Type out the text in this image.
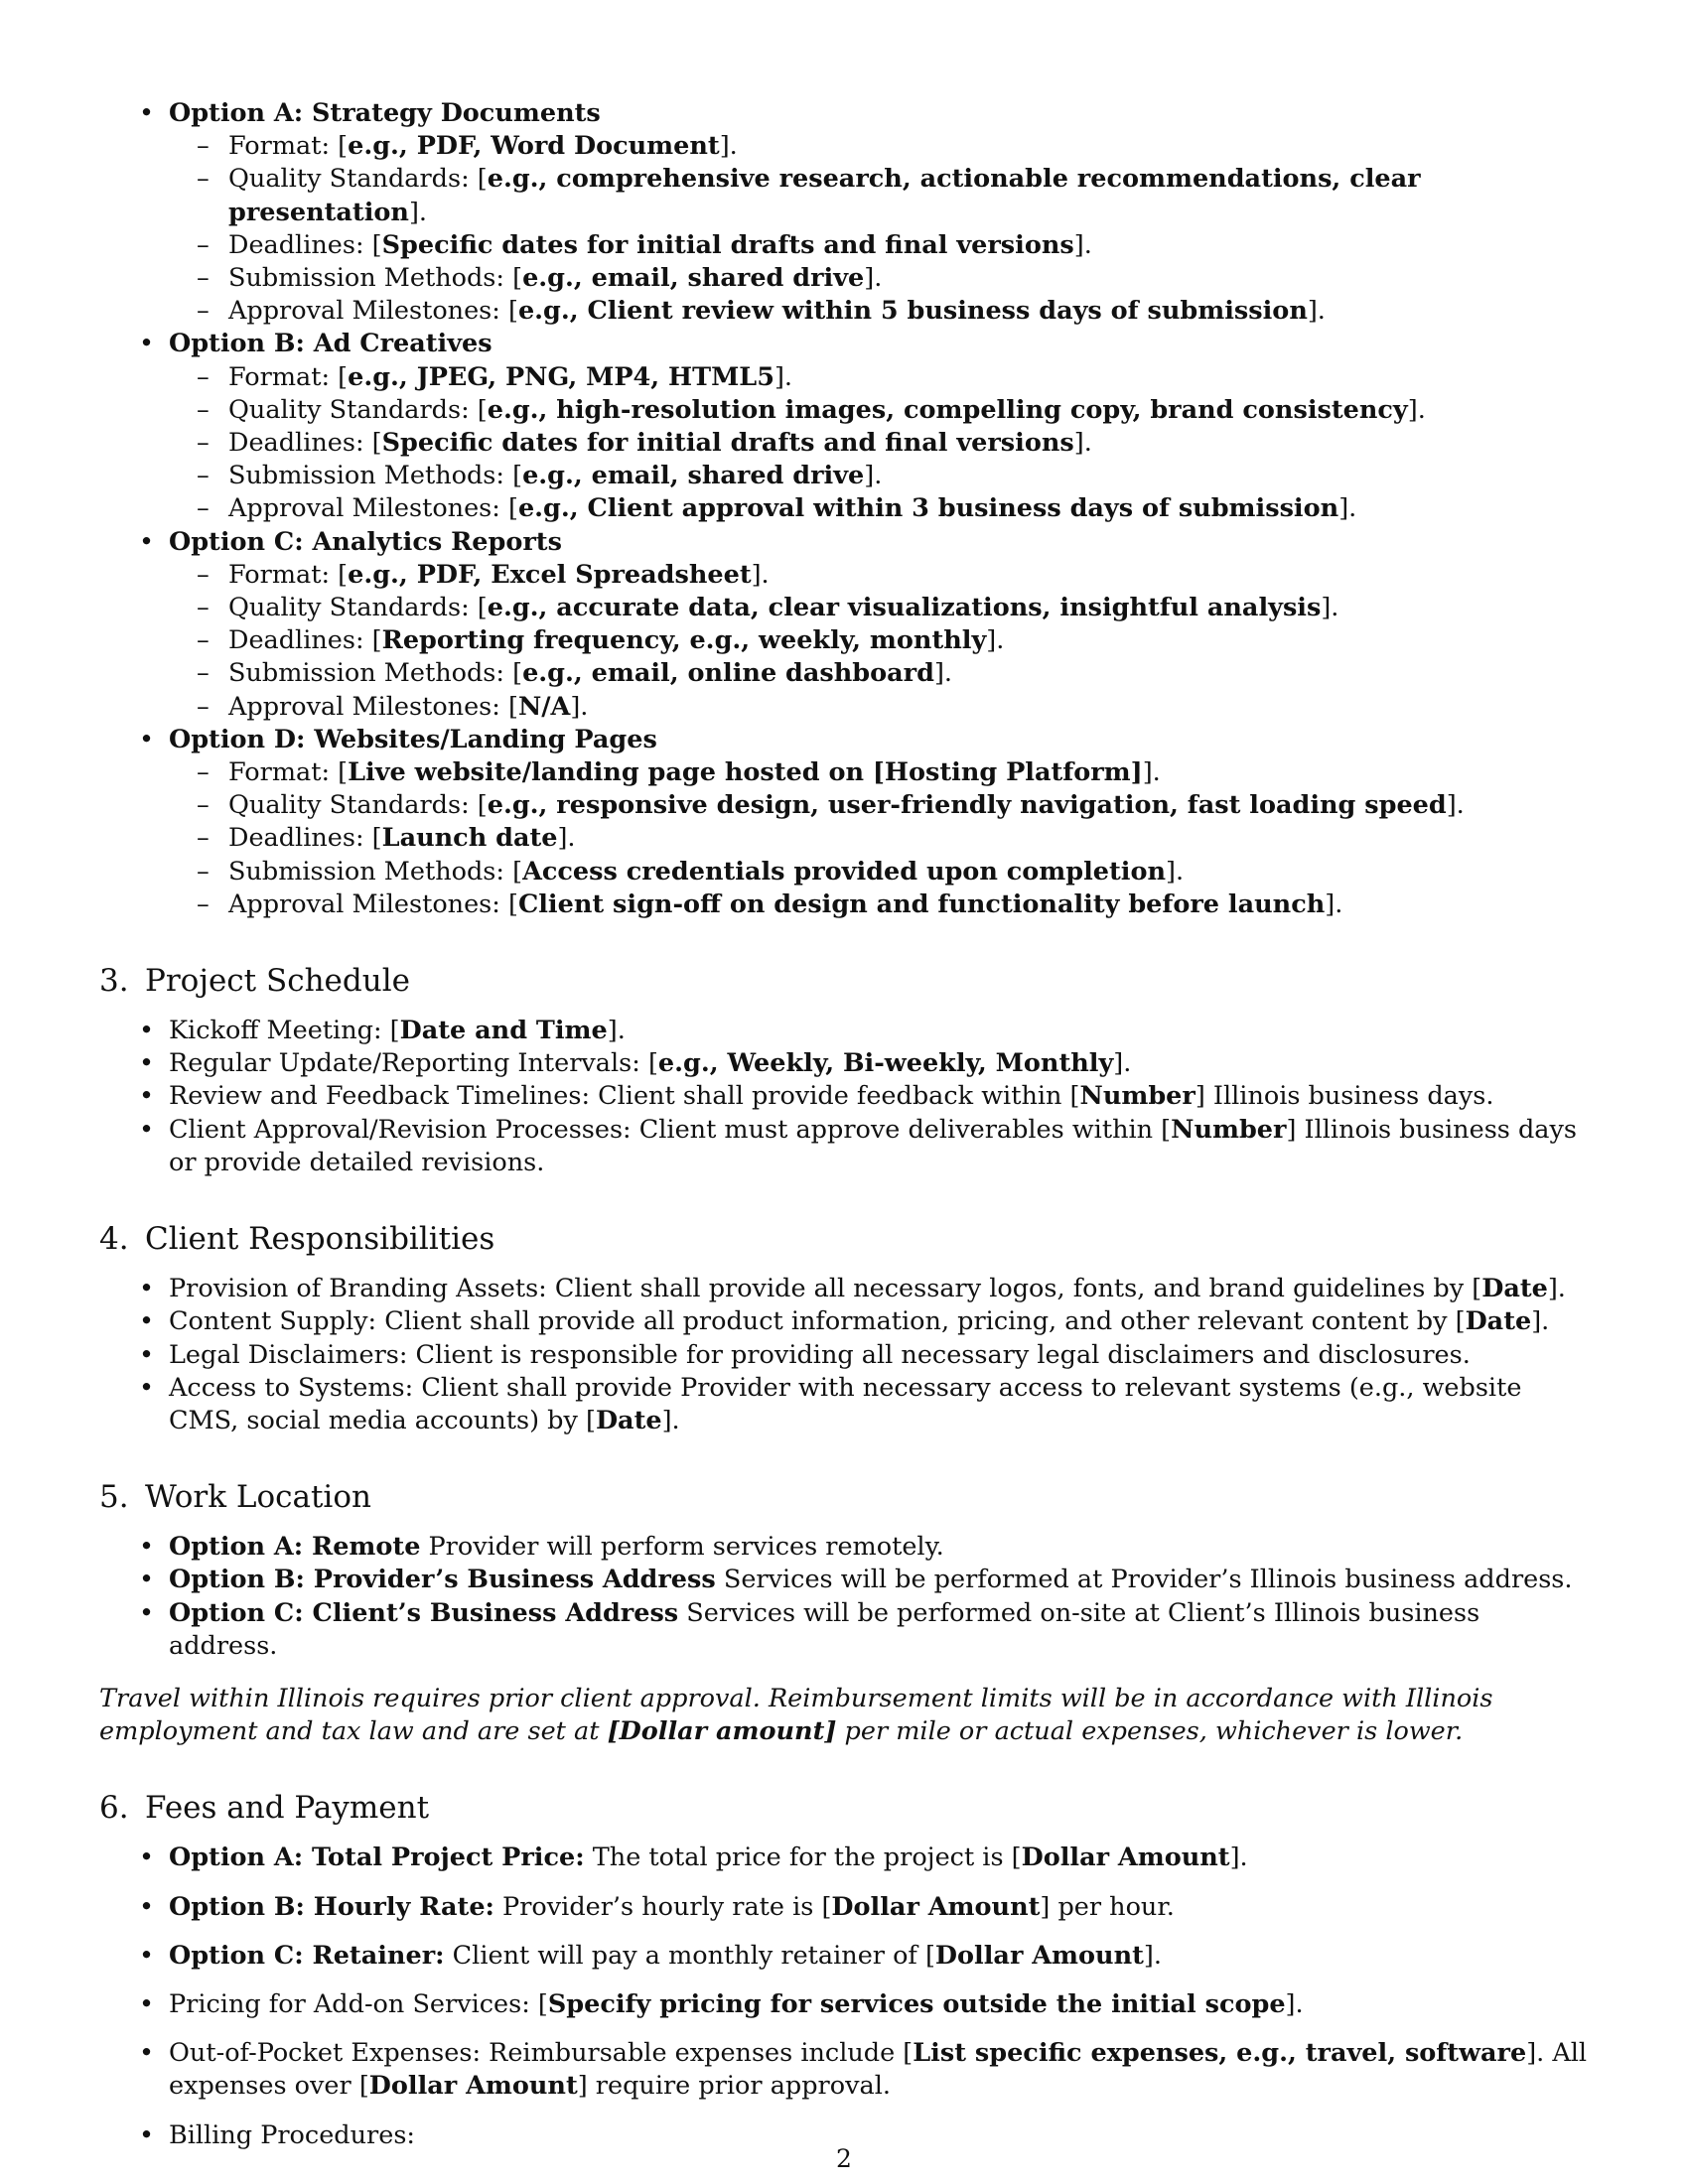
• Option A: Strategy Documents
– Format: [e.g., PDF, Word Document].
– Quality Standards: [e.g., comprehensive research, actionable recommendations, clear presentation].
– Deadlines: [Specific dates for initial drafts and final versions].
– Submission Methods: [e.g., email, shared drive].
– Approval Milestones: [e.g., Client review within 5 business days of submission].
• Option B: Ad Creatives
– Format: [e.g., JPEG, PNG, MP4, HTML5].
– Quality Standards: [e.g., high-resolution images, compelling copy, brand consistency].
– Deadlines: [Specific dates for initial drafts and final versions].
– Submission Methods: [e.g., email, shared drive].
– Approval Milestones: [e.g., Client approval within 3 business days of submission].
• Option C: Analytics Reports
– Format: [e.g., PDF, Excel Spreadsheet].
– Quality Standards: [e.g., accurate data, clear visualizations, insightful analysis].
– Deadlines: [Reporting frequency, e.g., weekly, monthly].
– Submission Methods: [e.g., email, online dashboard].
– Approval Milestones: [N/A].
• Option D: Websites/Landing Pages
– Format: [Live website/landing page hosted on [Hosting Platform]].
– Quality Standards: [e.g., responsive design, user-friendly navigation, fast loading speed].
– Deadlines: [Launch date].
– Submission Methods: [Access credentials provided upon completion].
– Approval Milestones: [Client sign-off on design and functionality before launch].
3. Project Schedule
• Kickoff Meeting: [Date and Time].
• Regular Update/Reporting Intervals: [e.g., Weekly, Bi-weekly, Monthly].
• Review and Feedback Timelines: Client shall provide feedback within [Number] Illinois business days.
• Client Approval/Revision Processes: Client must approve deliverables within [Number] Illinois business days or provide detailed revisions.
4. Client Responsibilities
• Provision of Branding Assets: Client shall provide all necessary logos, fonts, and brand guidelines by [Date].
• Content Supply: Client shall provide all product information, pricing, and other relevant content by [Date].
• Legal Disclaimers: Client is responsible for providing all necessary legal disclaimers and disclosures.
• Access to Systems: Client shall provide Provider with necessary access to relevant systems (e.g., website CMS, social media accounts) by [Date].
5. Work Location
• Option A: Remote Provider will perform services remotely.
• Option B: Provider’s Business Address Services will be performed at Provider’s Illinois business address.
• Option C: Client’s Business Address Services will be performed on-site at Client’s Illinois business address.
Travel within Illinois requires prior client approval. Reimbursement limits will be in accordance with Illinois employment and tax law and are set at [Dollar amount] per mile or actual expenses, whichever is lower.
6. Fees and Payment
• Option A: Total Project Price: The total price for the project is [Dollar Amount].
• Option B: Hourly Rate: Provider’s hourly rate is [Dollar Amount] per hour.
• Option C: Retainer: Client will pay a monthly retainer of [Dollar Amount].
• Pricing for Add-on Services: [Specify pricing for services outside the initial scope].
• Out-of-Pocket Expenses: Reimbursable expenses include [List specific expenses, e.g., travel, software]. All expenses over [Dollar Amount] require prior approval.
• Billing Procedures:
2
